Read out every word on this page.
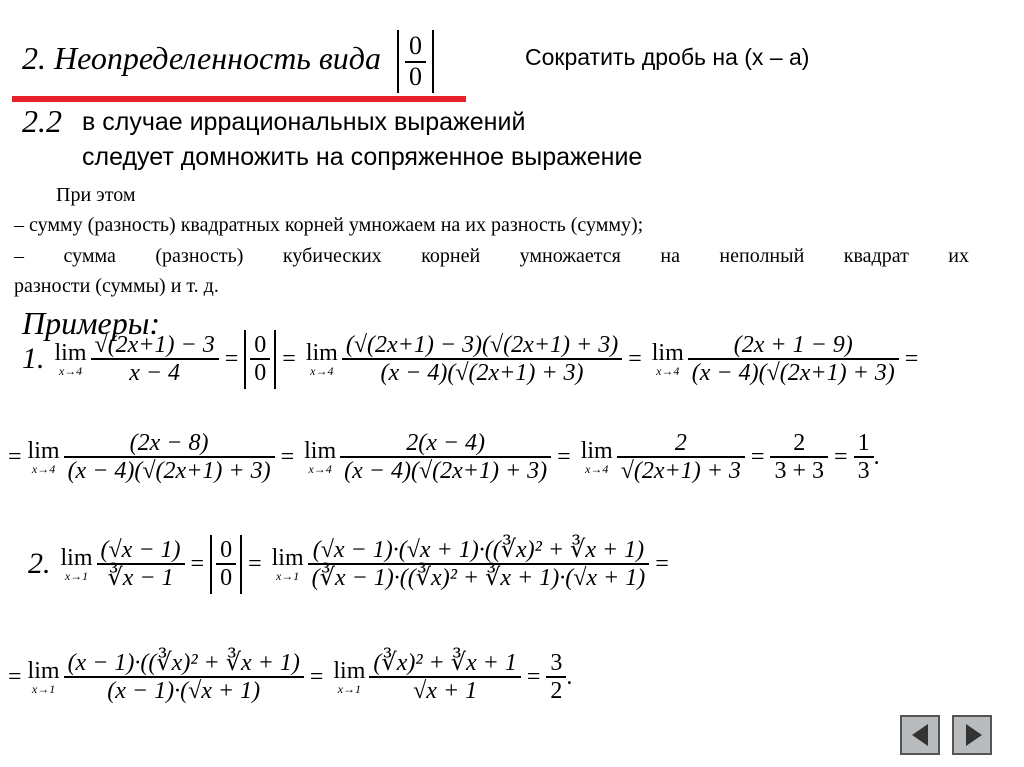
2. Неопределенность вида $\frac{0}{0}$	Сократить дробь на (x – a)
2.2 в случае иррациональных выражений
следует домножить на сопряженное выражение
При этом
– сумму (разность) квадратных корней умножаем на их разность (сумму);
– сумма (разность) кубических корней умножается на неполный квадрат их
разности (суммы) и т. д.
Примеры:
1. lim
$x\to 4 \frac{√(2x+1) - 3}{x - 4} = \frac{0}{0} = \lim$
$x\to 4 \frac{(√(2x+1) - 3)(√(2x+1) + 3)}{(x - 4)(√(2x+1) + 3)} = \lim$
$x\to 4 \frac{(2x + 1 - 9)}{(x - 4)(√(2x+1) + 3)}$ =
= lim
$x\to 4 \frac{(2x - 8)}{(x - 4)(√(2x+1) + 3)} = \lim$
$x\to 4 \frac{2(x - 4)}{(x - 4)(√(2x+1) + 3)} = \lim$
$x\to 4 \frac{2}{√(2x+1) + 3} = \frac{2}{3 + 3} = \frac{1}{3}$ .
2. lim
$x\to 1 \frac{(√x - 1)}{∛x - 1} = \frac{0}{0} = \lim$
$x\to 1 \frac{\text{(√x − 1)·(√x + 1)·((∛x)² + ∛x + 1)}}{\text{(∛x − 1)·((∛x)² + ∛x + 1)·(√x + 1)}}$ =
= lim
$x\to 1 \frac{\text{(x − 1)·((∛x)² + ∛x + 1)}}{(x - 1)\cdot(√x + 1)} = \lim$
$x\to 1 \frac{\text{(∛x)² + ∛x + 1}}{√x + 1} = \frac{3}{2}$ .
